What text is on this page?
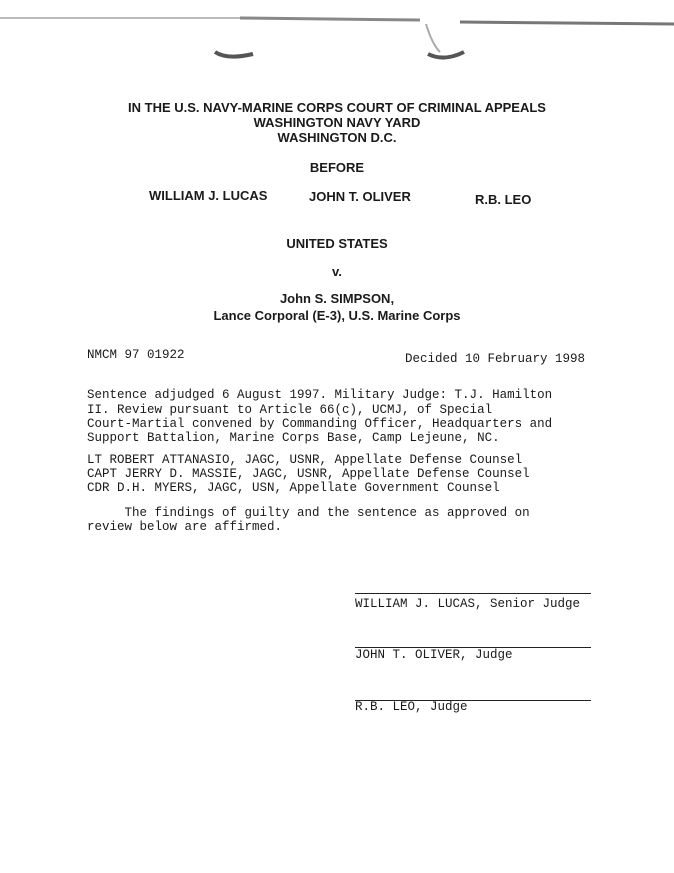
IN THE U.S. NAVY-MARINE CORPS COURT OF CRIMINAL APPEALS
WASHINGTON NAVY YARD
WASHINGTON D.C.
BEFORE
WILLIAM J. LUCAS	JOHN T. OLIVER	R.B. LEO
UNITED STATES
v.
John S. SIMPSON,
Lance Corporal (E-3), U.S. Marine Corps
NMCM 97 01922	Decided 10 February 1998
Sentence adjudged 6 August 1997. Military Judge: T.J. Hamilton
II. Review pursuant to Article 66(c), UCMJ, of Special
Court-Martial convened by Commanding Officer, Headquarters and
Support Battalion, Marine Corps Base, Camp Lejeune, NC.
LT ROBERT ATTANASIO, JAGC, USNR, Appellate Defense Counsel
CAPT JERRY D. MASSIE, JAGC, USNR, Appellate Defense Counsel
CDR D.H. MYERS, JAGC, USN, Appellate Government Counsel
The findings of guilty and the sentence as approved on
review below are affirmed.
WILLIAM J. LUCAS, Senior Judge
JOHN T. OLIVER, Judge
R.B. LEO, Judge
